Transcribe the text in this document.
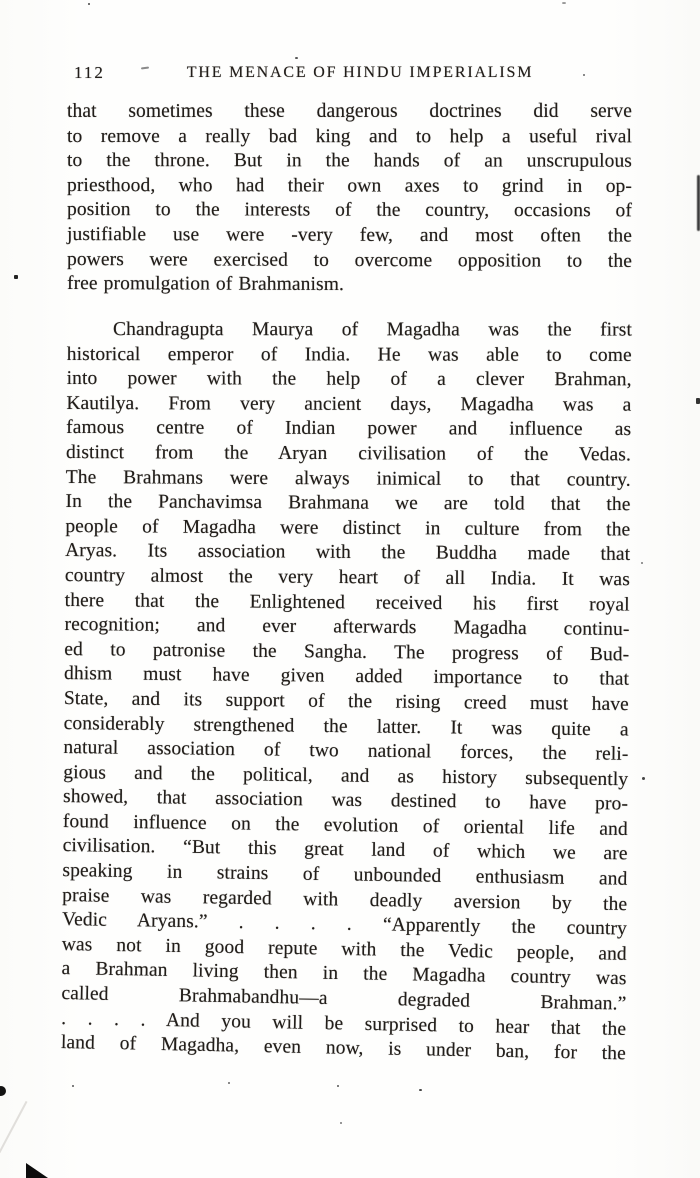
112	THE MENACE OF HINDU IMPERIALISM
that sometimes these dangerous doctrines did serve
to remove a really bad king and to help a useful rival
to the throne. But in the hands of an unscrupulous
priesthood, who had their own axes to grind in op-
position to the interests of the country, occasions of
justifiable use were -very few, and most often the
powers were exercised to overcome opposition to the
free promulgation of Brahmanism.
Chandragupta Maurya of Magadha was the first
historical emperor of India. He was able to come
into power with the help of a clever Brahman,
Kautilya. From very ancient days, Magadha was a
famous centre of Indian power and influence as
distinct from the Aryan civilisation of the Vedas.
The Brahmans were always inimical to that country.
In the Panchavimsa Brahmana we are told that the
people of Magadha were distinct in culture from the
Aryas. Its association with the Buddha made that
country almost the very heart of all India. It was
there that the Enlightened received his first royal
recognition; and ever afterwards Magadha continu-
ed to patronise the Sangha. The progress of Bud-
dhism must have given added importance to that
State, and its support of the rising creed must have
considerably strengthened the latter. It was quite a
natural association of two national forces, the reli-
gious and the political, and as history subsequently
showed, that association was destined to have pro-
found influence on the evolution of oriental life and
civilisation. “But this great land of which we are
speaking in strains of unbounded enthusiasm and
praise was regarded with deadly aversion by the
Vedic Aryans.” . . . . “Apparently the country
was not in good repute with the Vedic people, and
a Brahman living then in the Magadha country was
called Brahmabandhu—a degraded Brahman.”
. . . . And you will be surprised to hear that the
land of Magadha, even now, is under ban, for the
